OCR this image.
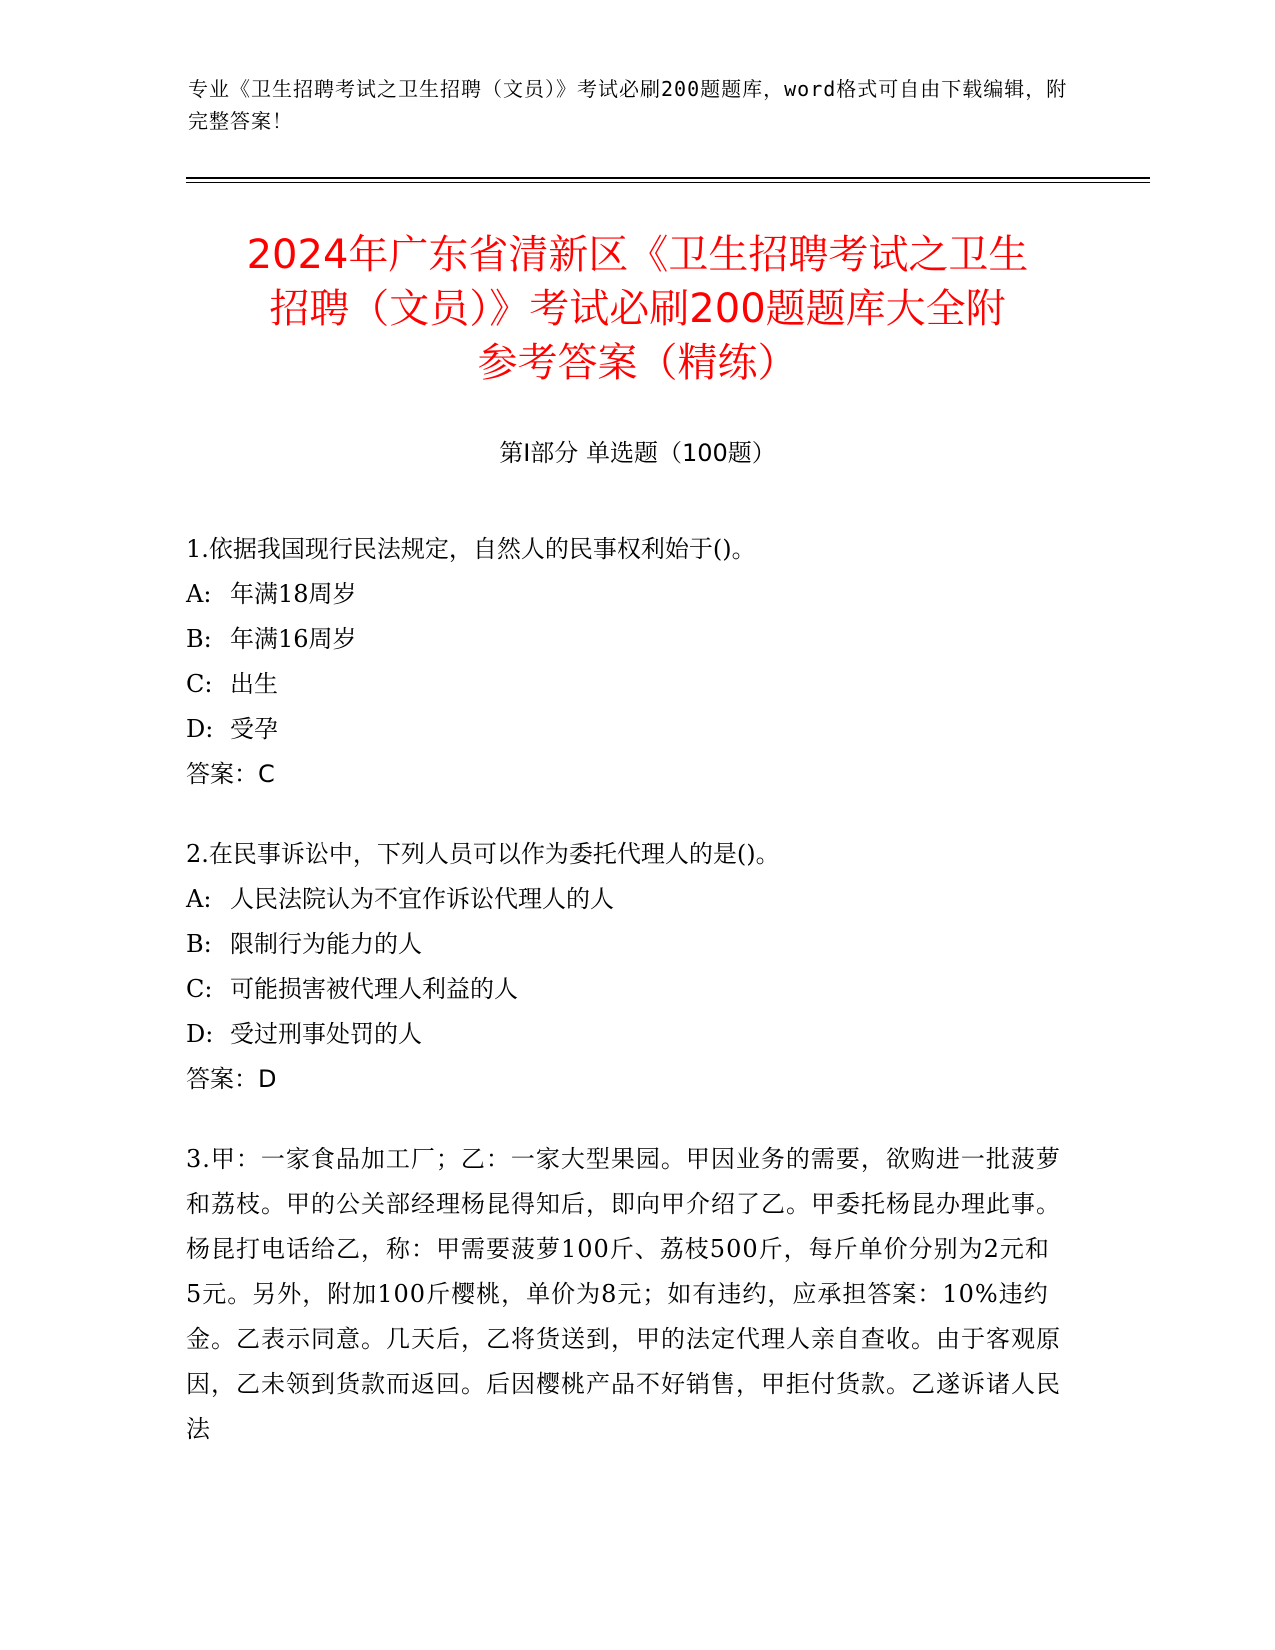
专业《卫生招聘考试之卫生招聘（文员）》考试必刷200题题库，word格式可自由下载编辑，附完整答案！
2024年广东省清新区《卫生招聘考试之卫生
招聘（文员）》考试必刷200题题库大全附
参考答案（精练）
第Ⅰ部分 单选题（100题）
1.依据我国现行民法规定，自然人的民事权利始于()。
A: 年满18周岁
B: 年满16周岁
C: 出生
D: 受孕
答案：C
2.在民事诉讼中，下列人员可以作为委托代理人的是()。
A: 人民法院认为不宜作诉讼代理人的人
B: 限制行为能力的人
C: 可能损害被代理人利益的人
D: 受过刑事处罚的人
答案：D
3.甲：一家食品加工厂；乙：一家大型果园。甲因业务的需要，欲购进一批菠萝和荔枝。甲的公关部经理杨昆得知后，即向甲介绍了乙。甲委托杨昆办理此事。杨昆打电话给乙，称：甲需要菠萝100斤、荔枝500斤，每斤单价分别为2元和5元。另外，附加100斤樱桃，单价为8元；如有违约，应承担答案：10%违约金。乙表示同意。几天后，乙将货送到，甲的法定代理人亲自查收。由于客观原因，乙未领到货款而返回。后因樱桃产品不好销售，甲拒付货款。乙遂诉诸人民法
